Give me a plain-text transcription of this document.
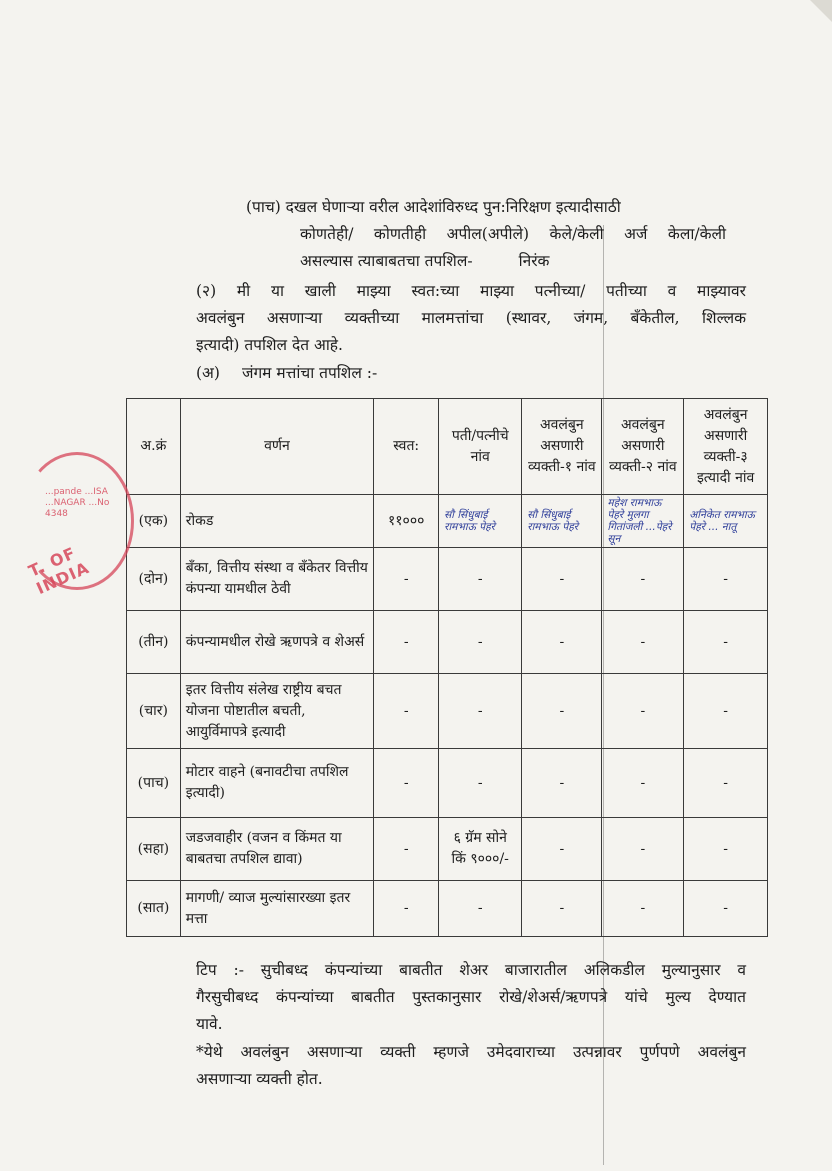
(पाच) दखल घेणाऱ्या वरील आदेशांविरुध्द पुन:निरिक्षण इत्यादीसाठी

कोणतेही/ कोणतीही अपील(अपीले) केले/केली अर्ज केला/केली
असल्यास त्याबाबतचा तपशिल-	निरंक

(२) मी या खाली माझ्या स्वत:च्या माझ्या पत्नीच्या/ पतीच्या व माझ्यावर
अवलंबुन असणाऱ्या व्यक्तीच्या मालमत्तांचा (स्थावर, जंगम, बँकेतील, शिल्लक
इत्यादी) तपशिल देत आहे.

(अ) जंगम मत्तांचा तपशिल :-

अ.क्रं	वर्णन	स्वत:	पती/पत्नीचे नांव	अवलंबुन असणारी व्यक्ती-१ नांव	अवलंबुन असणारी व्यक्ती-२ नांव	अवलंबुन असणारी व्यक्ती-३ इत्यादी नांव
(एक)	रोकड	११०००	सौ सिंधुबाई रामभाऊ पेहरे	सौ सिंधुबाई रामभाऊ पेहरे	महेश रामभाऊ पेहरे मुलगा गितांजली ...पेहरे सून	अनिकेत रामभाऊ पेहरे ... नातू

(दोन)	बँका, वित्तीय संस्था व बँकेतर वित्तीय कंपन्या यामधील ठेवी	-	-	-	-	-
(तीन)	कंपन्यामधील रोखे ऋणपत्रे व शेअर्स	-	-	-	-	-
(चार)	इतर वित्तीय संलेख राष्ट्रीय बचत योजना पोष्टातील बचती, आयुर्विमापत्रे इत्यादी	-	-	-	-	-
(पाच)	मोटार वाहने (बनावटीचा तपशिल इत्यादी)	-	-	-	-	-
(सहा)	जडजवाहीर (वजन व किंमत या बाबतचा तपशिल द्यावा)	-	६ ग्रॅम सोने किं ९०००/-	-	-	-
(सात)	मागणी/ व्याज मुल्यांसारख्या इतर मत्ता	-	-	-	-	-
...pande ...ISA ...NAGAR ...No 4348
T. OF INDIA

टिप :- सुचीबध्द कंपन्यांच्या बाबतीत शेअर बाजारातील अलिकडील मुल्यानुसार व
गैरसुचीबध्द कंपन्यांच्या बाबतीत पुस्तकानुसार रोखे/शेअर्स/ऋणपत्रे यांचे मुल्य देण्यात
यावे.

*येथे अवलंबुन असणाऱ्या व्यक्ती म्हणजे उमेदवाराच्या उत्पन्नावर पुर्णपणे अवलंबुन
असणाऱ्या व्यक्ती होत.
